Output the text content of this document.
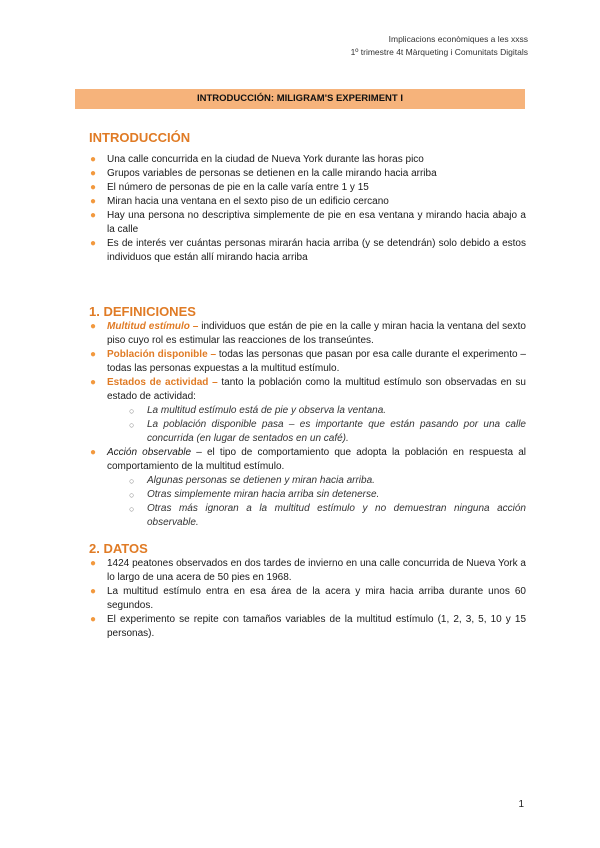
Implicacions econòmiques a les xxss
1º trimestre 4t Màrqueting i Comunitats Digitals
INTRODUCCIÓN: MILIGRAM'S EXPERIMENT I
INTRODUCCIÓN
● Una calle concurrida en la ciudad de Nueva York durante las horas pico
● Grupos variables de personas se detienen en la calle mirando hacia arriba
● El número de personas de pie en la calle varía entre 1 y 15
● Miran hacia una ventana en el sexto piso de un edificio cercano
● Hay una persona no descriptiva simplemente de pie en esa ventana y mirando hacia abajo a la calle
● Es de interés ver cuántas personas mirarán hacia arriba (y se detendrán) solo debido a estos individuos que están allí mirando hacia arriba
1. DEFINICIONES
● Multitud estímulo – individuos que están de pie en la calle y miran hacia la ventana del sexto piso cuyo rol es estimular las reacciones de los transeúntes.
● Población disponible – todas las personas que pasan por esa calle durante el experimento – todas las personas expuestas a la multitud estímulo.
● Estados de actividad – tanto la población como la multitud estímulo son observadas en su estado de actividad:
○ La multitud estímulo está de pie y observa la ventana.
○ La población disponible pasa – es importante que están pasando por una calle concurrida (en lugar de sentados en un café).
● Acción observable – el tipo de comportamiento que adopta la población en respuesta al comportamiento de la multitud estímulo.
○ Algunas personas se detienen y miran hacia arriba.
○ Otras simplemente miran hacia arriba sin detenerse.
○ Otras más ignoran a la multitud estímulo y no demuestran ninguna acción observable.
2. DATOS
● 1424 peatones observados en dos tardes de invierno en una calle concurrida de Nueva York a lo largo de una acera de 50 pies en 1968.
● La multitud estímulo entra en esa área de la acera y mira hacia arriba durante unos 60 segundos.
● El experimento se repite con tamaños variables de la multitud estímulo (1, 2, 3, 5, 10 y 15 personas).
1
